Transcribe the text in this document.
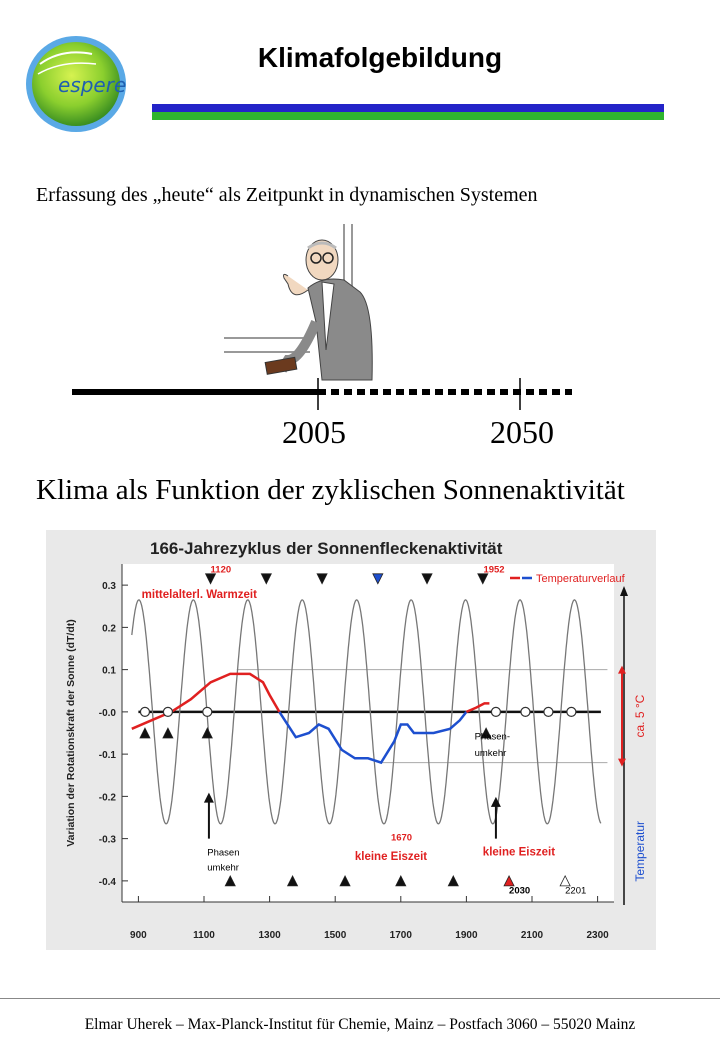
espere
Klimafolgebildung
Erfassung des „heute“ als Zeitpunkt in dynamischen Systemen
2005	2050
Klima als Funktion der zyklischen Sonnenaktivität
166-Jahrezyklus der Sonnenfleckenaktivität
0.3
0.2
0.1
-0.0
-0.1
-0.2
-0.3
-0.4
900	1100	1300	1500	1700	1900	2100	2300
Variation der Rotationskraft der Sonne (dT/dt)
1120
mittelalterl. Warmzeit
1952
Phasen-
umkehr
Phasen
umkehr
1670
kleine Eiszeit	kleine Eiszeit
2030	2201
Temperaturverlauf
ca. 5 °C
Temperatur
Elmar Uherek – Max-Planck-Institut für Chemie, Mainz – Postfach 3060 – 55020 Mainz
